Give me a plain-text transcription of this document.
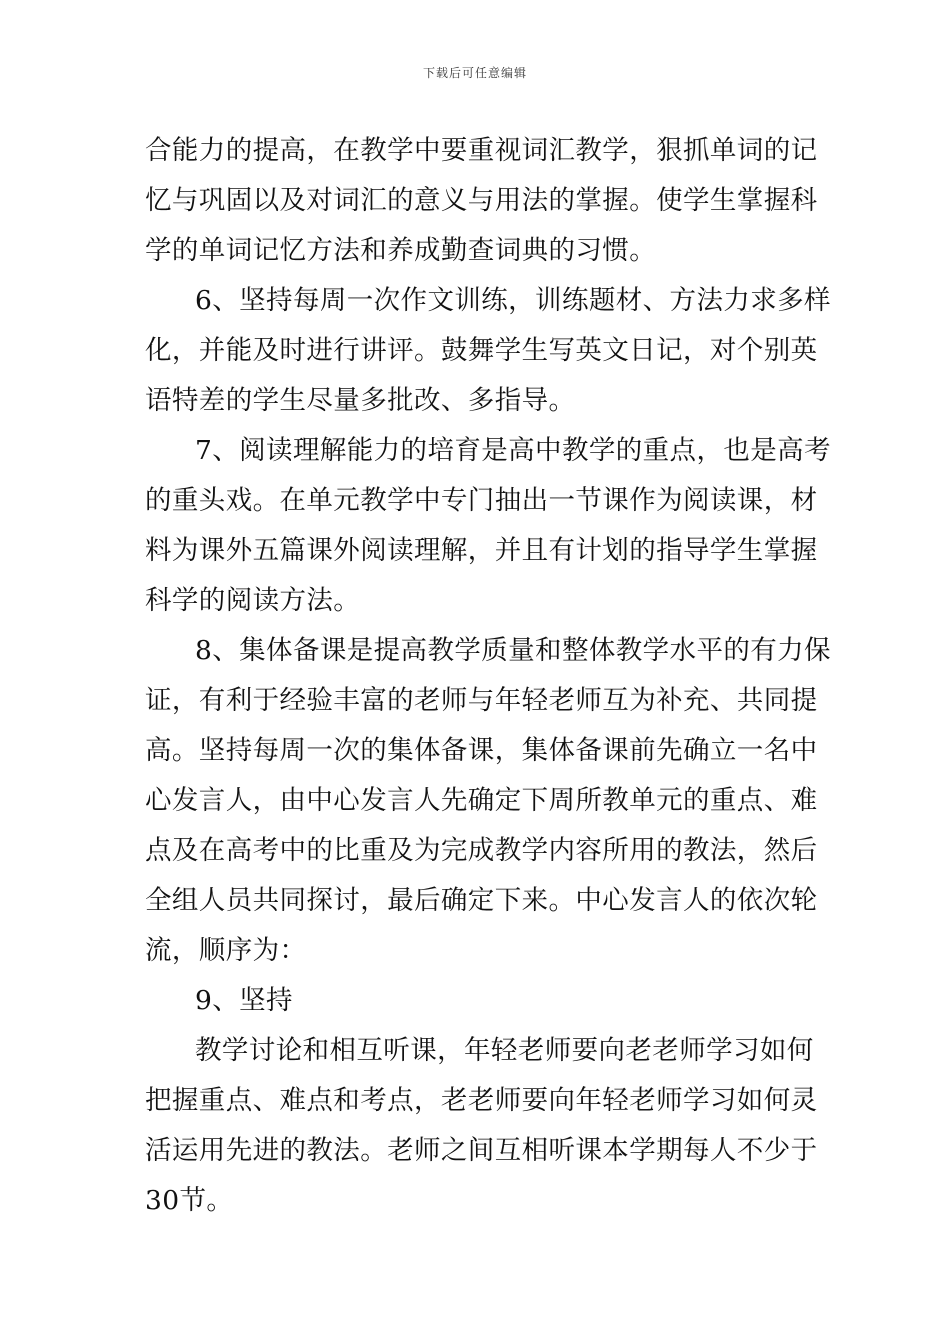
下载后可任意编辑
合能力的提高，在教学中要重视词汇教学，狠抓单词的记
忆与巩固以及对词汇的意义与用法的掌握。使学生掌握科
学的单词记忆方法和养成勤查词典的习惯。
6、坚持每周一次作文训练，训练题材、方法力求多样
化，并能及时进行讲评。鼓舞学生写英文日记，对个别英
语特差的学生尽量多批改、多指导。
7、阅读理解能力的培育是高中教学的重点，也是高考
的重头戏。在单元教学中专门抽出一节课作为阅读课，材
料为课外五篇课外阅读理解，并且有计划的指导学生掌握
科学的阅读方法。
8、集体备课是提高教学质量和整体教学水平的有力保
证，有利于经验丰富的老师与年轻老师互为补充、共同提
高。坚持每周一次的集体备课，集体备课前先确立一名中
心发言人，由中心发言人先确定下周所教单元的重点、难
点及在高考中的比重及为完成教学内容所用的教法，然后
全组人员共同探讨，最后确定下来。中心发言人的依次轮
流，顺序为：
9、坚持
教学讨论和相互听课，年轻老师要向老老师学习如何
把握重点、难点和考点，老老师要向年轻老师学习如何灵
活运用先进的教法。老师之间互相听课本学期每人不少于
30节。
